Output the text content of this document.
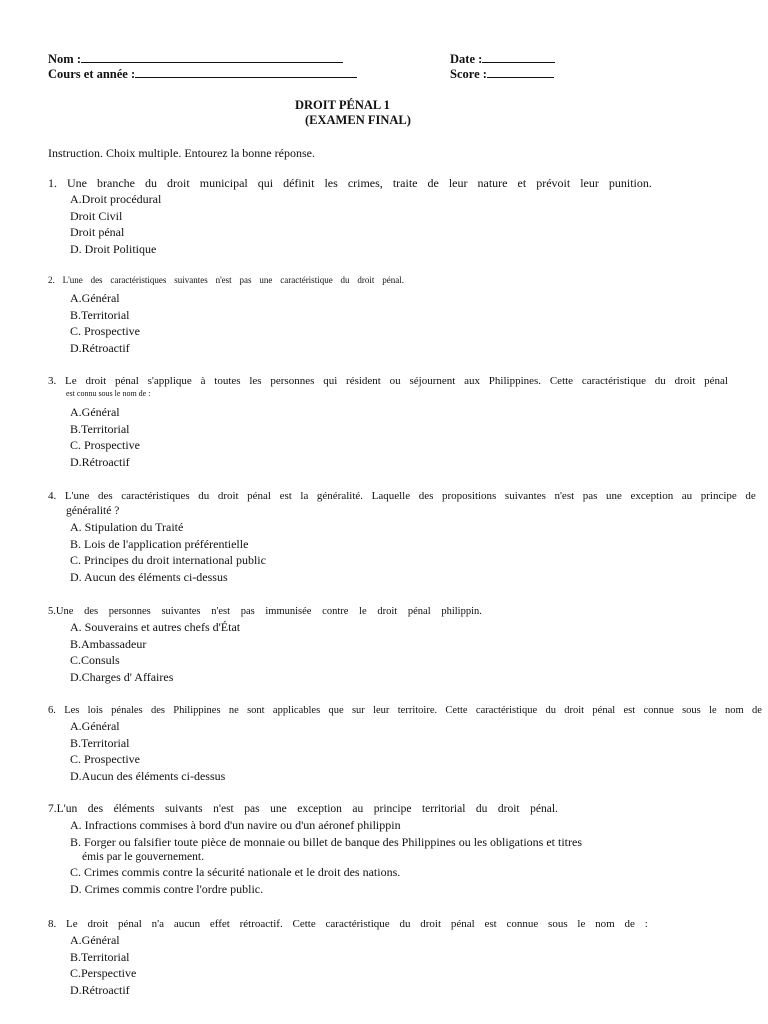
Nom :
Cours et année :
Date :
Score :
DROIT PÉNAL 1
(EXAMEN FINAL)
Instruction. Choix multiple. Entourez la bonne réponse.
1. Une branche du droit municipal qui définit les crimes, traite de leur nature et prévoit leur punition.
A.Droit procédural
Droit Civil
Droit pénal
D. Droit Politique
2. L'une des caractéristiques suivantes n'est pas une caractéristique du droit pénal.
A.Général
B.Territorial
C. Prospective
D.Rétroactif
3. Le droit pénal s'applique à toutes les personnes qui résident ou séjournent aux Philippines. Cette caractéristique du droit pénal
est connu sous le nom de :
A.Général
B.Territorial
C. Prospective
D.Rétroactif
4. L'une des caractéristiques du droit pénal est la généralité. Laquelle des propositions suivantes n'est pas une exception au principe de
généralité ?
A. Stipulation du Traité
B. Lois de l'application préférentielle
C. Principes du droit international public
D. Aucun des éléments ci-dessus
5.Une des personnes suivantes n'est pas immunisée contre le droit pénal philippin.
A. Souverains et autres chefs d'État
B.Ambassadeur
C.Consuls
D.Charges d' Affaires
6. Les lois pénales des Philippines ne sont applicables que sur leur territoire. Cette caractéristique du droit pénal est connue sous le nom de
A.Général
B.Territorial
C. Prospective
D.Aucun des éléments ci-dessus
7.L'un des éléments suivants n'est pas une exception au principe territorial du droit pénal.
A. Infractions commises à bord d'un navire ou d'un aéronef philippin
B. Forger ou falsifier toute pièce de monnaie ou billet de banque des Philippines ou les obligations et titres
émis par le gouvernement.
C. Crimes commis contre la sécurité nationale et le droit des nations.
D. Crimes commis contre l'ordre public.
8. Le droit pénal n'a aucun effet rétroactif. Cette caractéristique du droit pénal est connue sous le nom de :
A.Général
B.Territorial
C.Perspective
D.Rétroactif
